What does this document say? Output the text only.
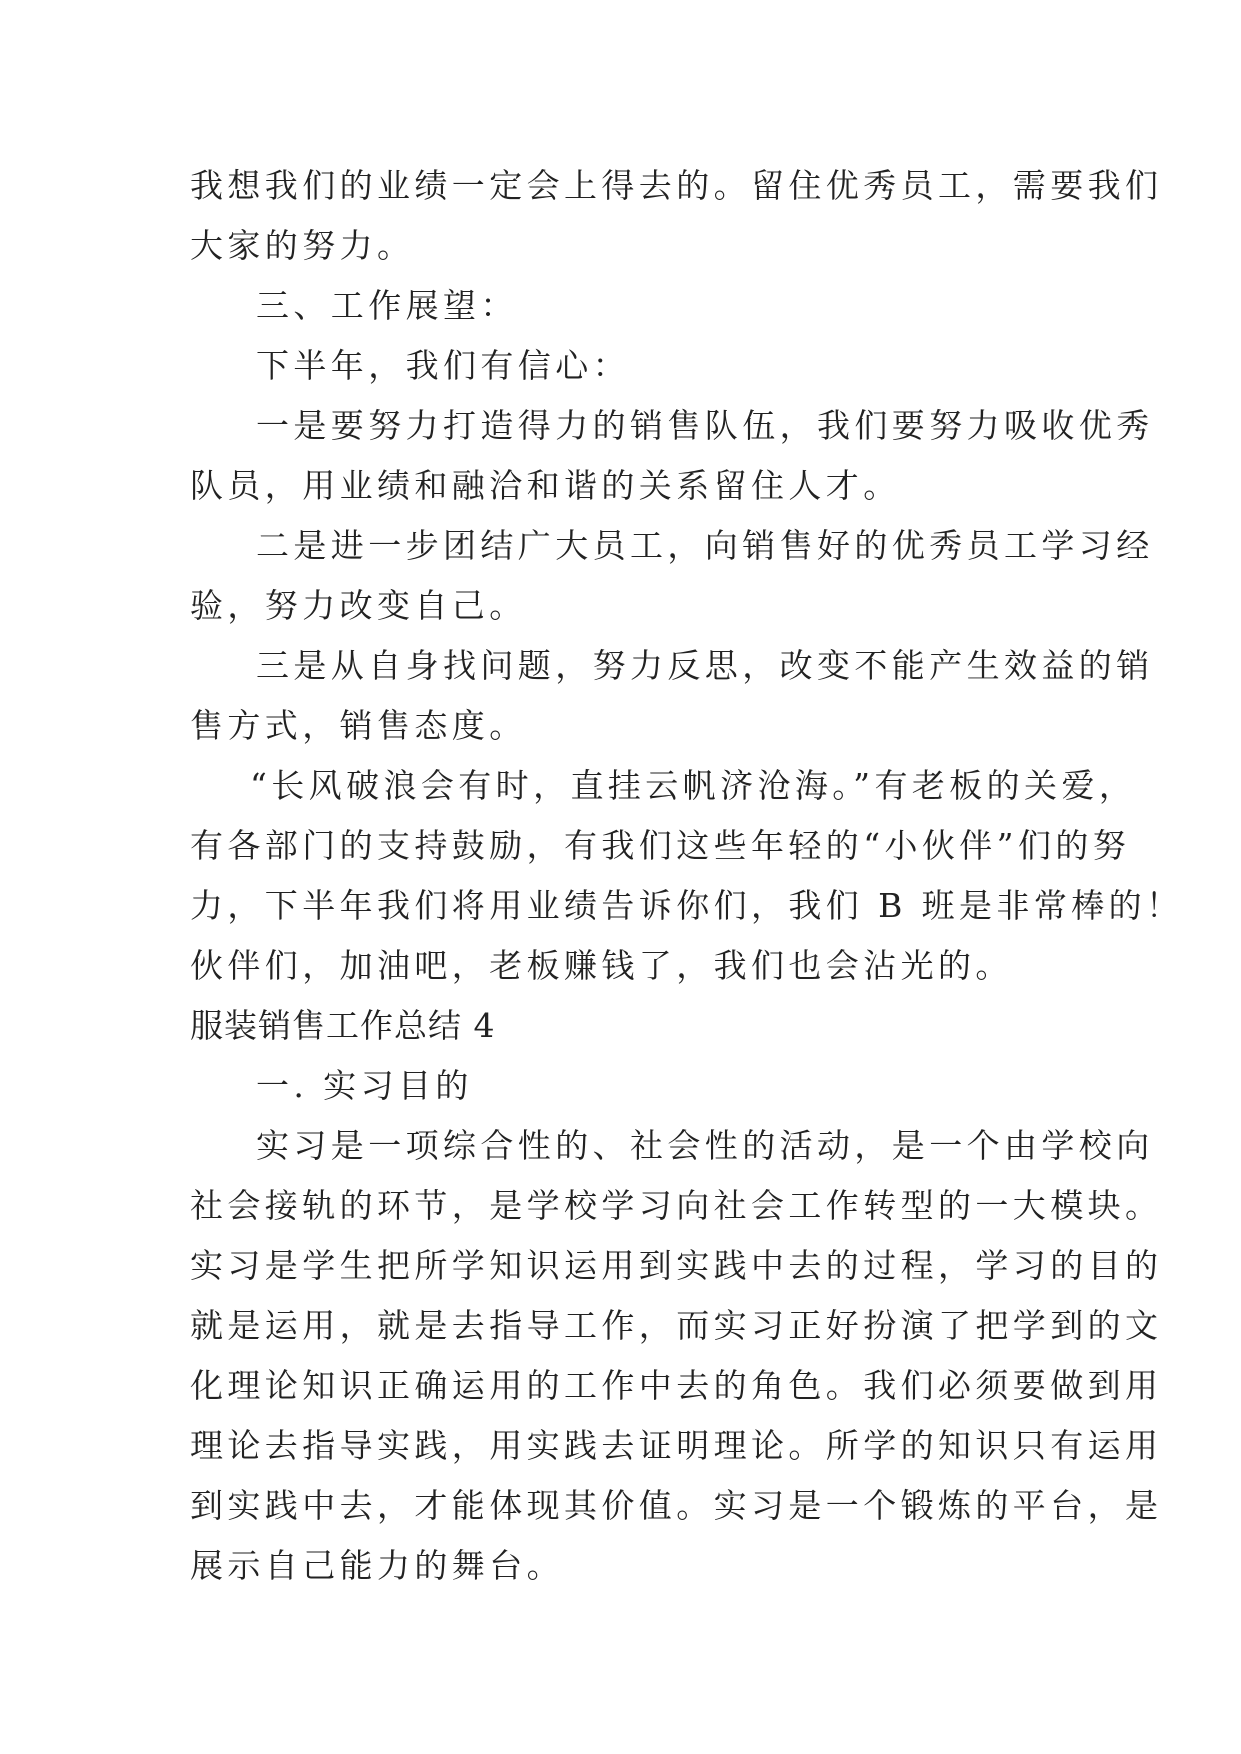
我想我们的业绩一定会上得去的。留住优秀员工，需要我们

大家的努力。

三、工作展望：

下半年，我们有信心：

一是要努力打造得力的销售队伍，我们要努力吸收优秀

队员，用业绩和融洽和谐的关系留住人才。

二是进一步团结广大员工，向销售好的优秀员工学习经

验，努力改变自己。

三是从自身找问题，努力反思，改变不能产生效益的销

售方式，销售态度。

“长风破浪会有时，直挂云帆济沧海。”有老板的关爱，

有各部门的支持鼓励，有我们这些年轻的“小伙伴”们的努

力，下半年我们将用业绩告诉你们，我们 B 班是非常棒的！

伙伴们，加油吧，老板赚钱了，我们也会沾光的。

服装销售工作总结 4

一. 实习目的

实习是一项综合性的、社会性的活动，是一个由学校向

社会接轨的环节，是学校学习向社会工作转型的一大模块。

实习是学生把所学知识运用到实践中去的过程，学习的目的

就是运用，就是去指导工作，而实习正好扮演了把学到的文

化理论知识正确运用的工作中去的角色。我们必须要做到用

理论去指导实践，用实践去证明理论。所学的知识只有运用

到实践中去，才能体现其价值。实习是一个锻炼的平台，是

展示自己能力的舞台。
